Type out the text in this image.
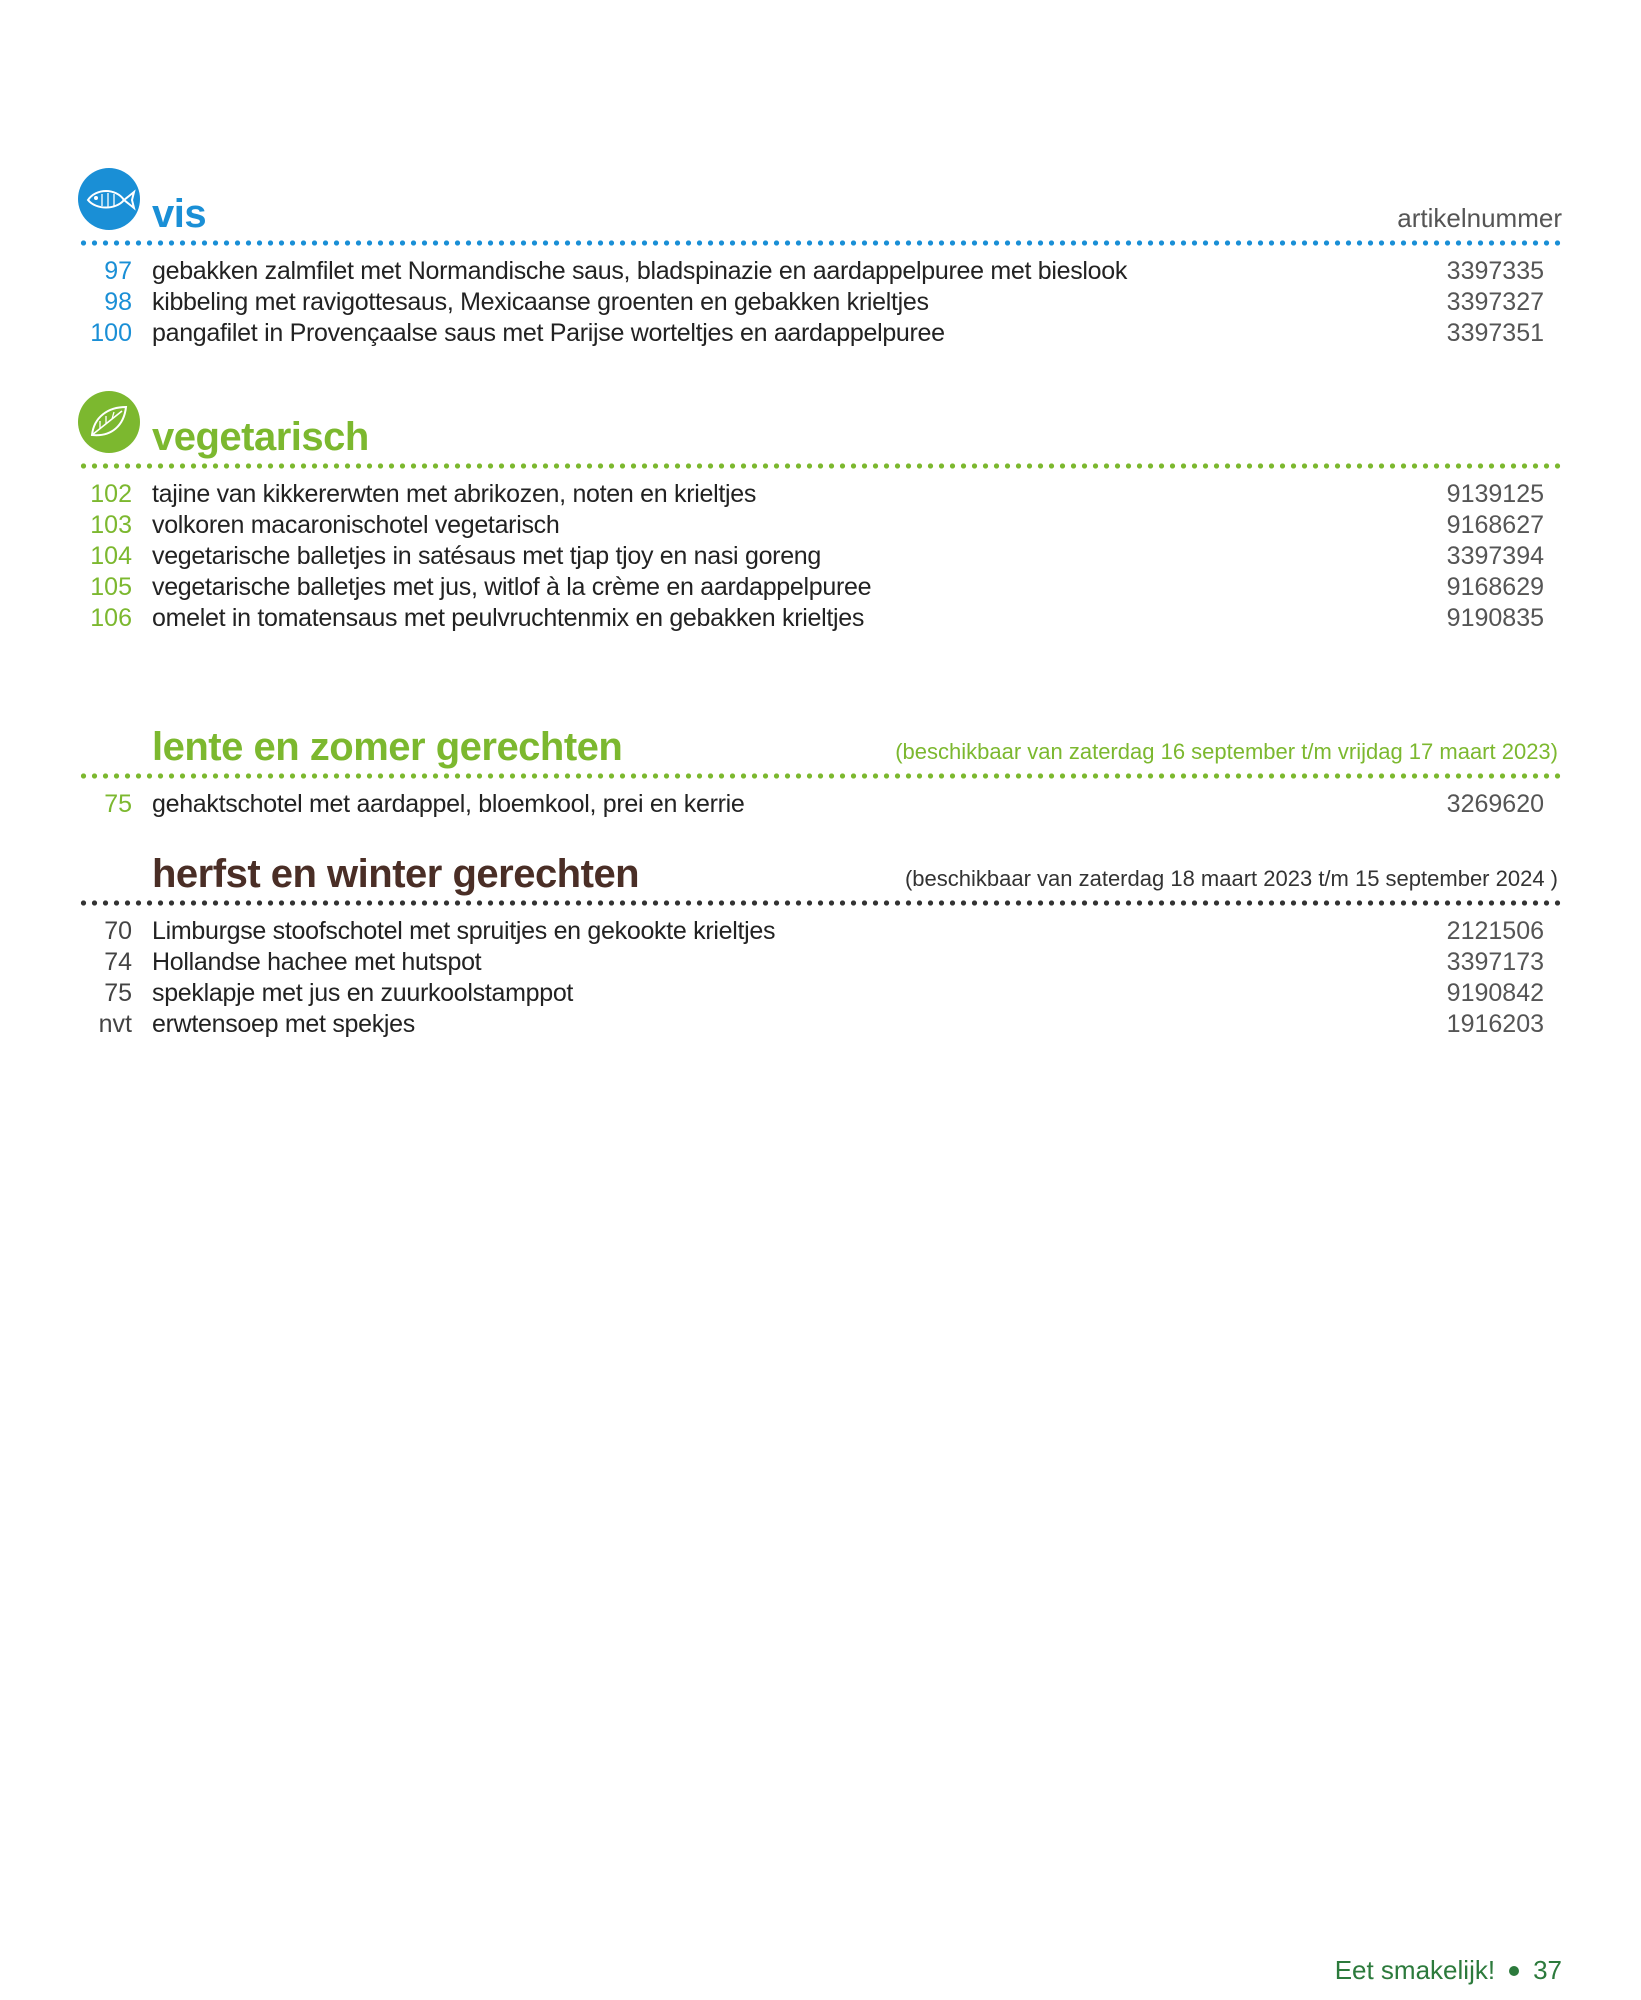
vis	artikelnummer
97 gebakken zalmfilet met Normandische saus, bladspinazie en aardappelpuree met bieslook	3397335
98 kibbeling met ravigottesaus, Mexicaanse groenten en gebakken krieltjes	3397327
100 pangafilet in Provençaalse saus met Parijse worteltjes en aardappelpuree	3397351
vegetarisch
102 tajine van kikkererwten met abrikozen, noten en krieltjes	9139125
103 volkoren macaronischotel vegetarisch	9168627
104 vegetarische balletjes in satésaus met tjap tjoy en nasi goreng	3397394
105 vegetarische balletjes met jus, witlof à la crème en aardappelpuree	9168629
106 omelet in tomatensaus met peulvruchtenmix en gebakken krieltjes	9190835
lente en zomer gerechten	(beschikbaar van zaterdag 16 september t/m vrijdag 17 maart 2023)
75 gehaktschotel met aardappel, bloemkool, prei en kerrie	3269620
herfst en winter gerechten	(beschikbaar van zaterdag 18 maart 2023 t/m 15 september 2024 )
70 Limburgse stoofschotel met spruitjes en gekookte krieltjes	2121506
74 Hollandse hachee met hutspot	3397173
75 speklapje met jus en zuurkoolstamppot	9190842
nvt erwtensoep met spekjes	1916203
Eet smakelijk! 37
